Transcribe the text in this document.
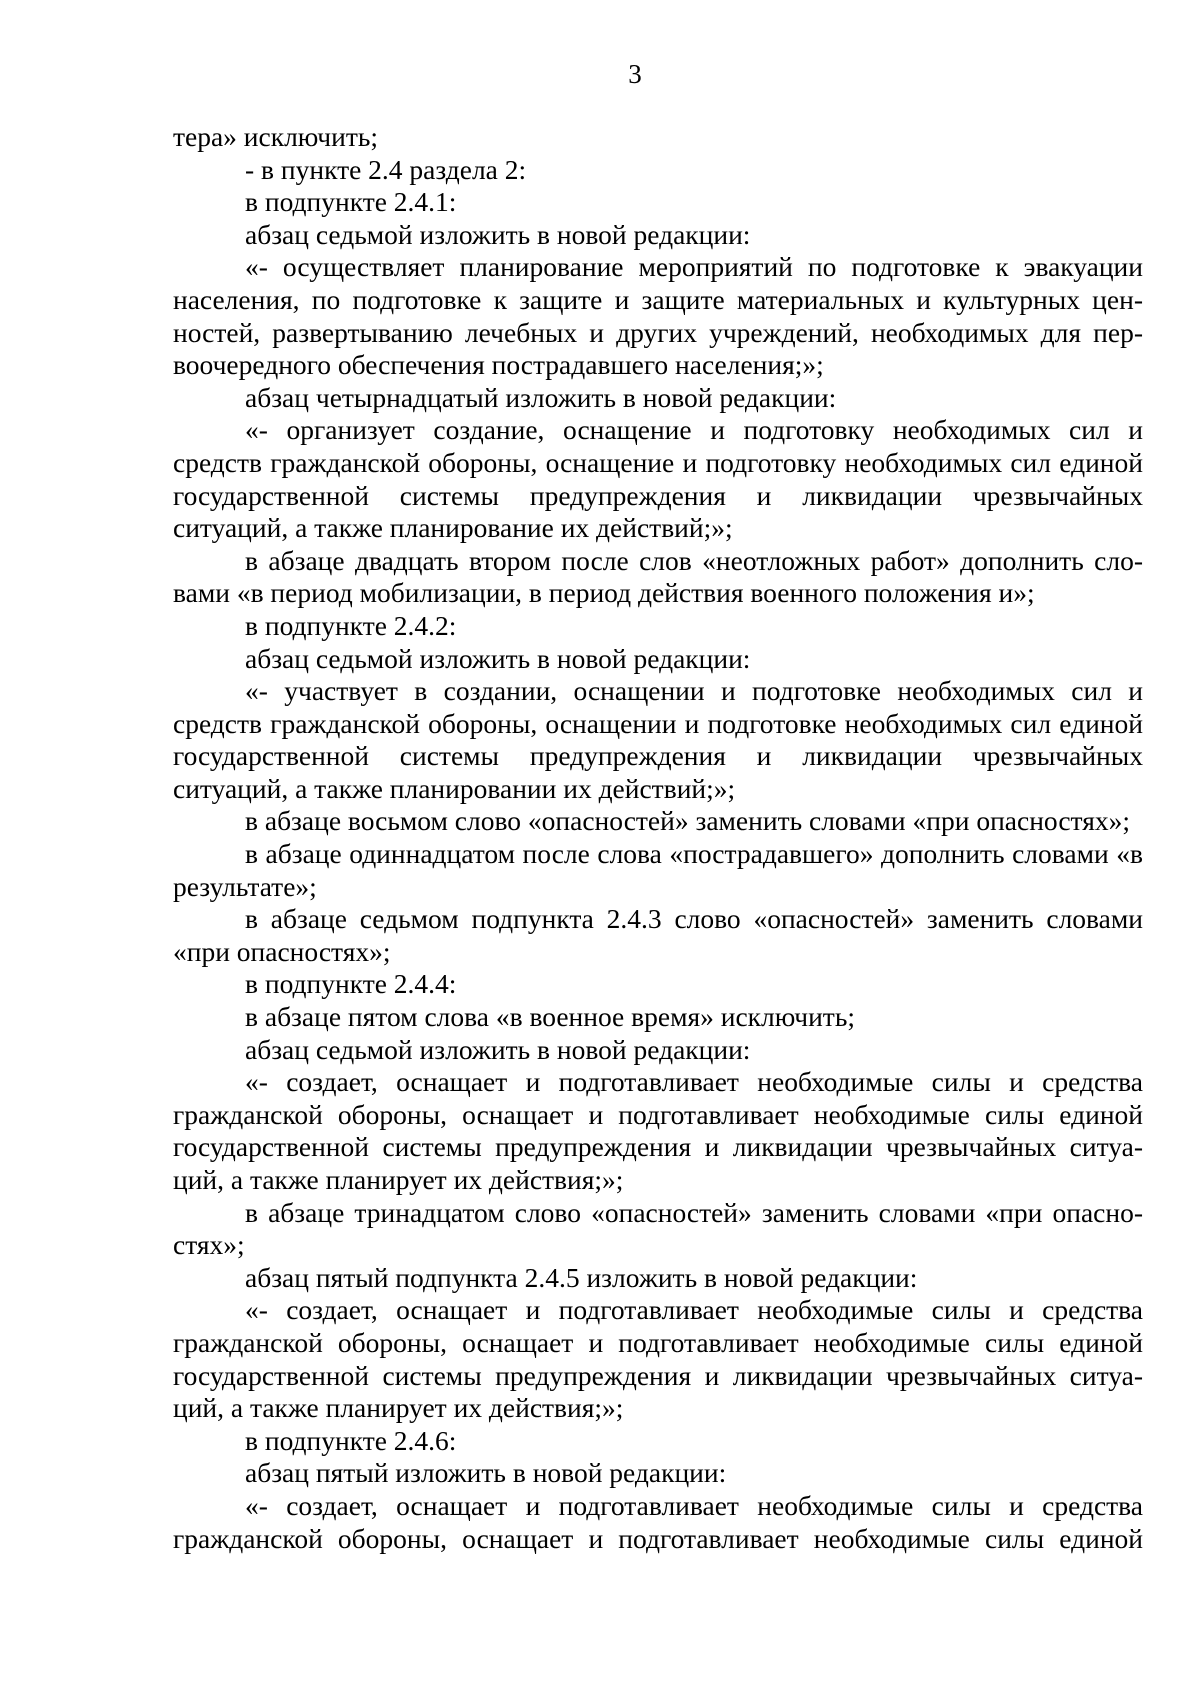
3

тера» исключить;

- в пункте 2.4 раздела 2:

в подпункте 2.4.1:

абзац седьмой изложить в новой редакции:

«- осуществляет планирование мероприятий по подготовке к эвакуации населения, по подготовке к защите и защите материальных и культурных ценностей, развертыванию лечебных и других учреждений, необходимых для первоочередного обеспечения пострадавшего населения;»;

абзац четырнадцатый изложить в новой редакции:

«- организует создание, оснащение и подготовку необходимых сил и средств гражданской обороны, оснащение и подготовку необходимых сил единой государственной системы предупреждения и ликвидации чрезвычайных ситуаций, а также планирование их действий;»;

в абзаце двадцать втором после слов «неотложных работ» дополнить словами «в период мобилизации, в период действия военного положения и»;

в подпункте 2.4.2:

абзац седьмой изложить в новой редакции:

«- участвует в создании, оснащении и подготовке необходимых сил и средств гражданской обороны, оснащении и подготовке необходимых сил единой государственной системы предупреждения и ликвидации чрезвычайных ситуаций, а также планировании их действий;»;

в абзаце восьмом слово «опасностей» заменить словами «при опасностях»;

в абзаце одиннадцатом после слова «пострадавшего» дополнить словами «в результате»;

в абзаце седьмом подпункта 2.4.3 слово «опасностей» заменить словами «при опасностях»;

в подпункте 2.4.4:

в абзаце пятом слова «в военное время» исключить;

абзац седьмой изложить в новой редакции:

«- создает, оснащает и подготавливает необходимые силы и средства гражданской обороны, оснащает и подготавливает необходимые силы единой государственной системы предупреждения и ликвидации чрезвычайных ситуаций, а также планирует их действия;»;

в абзаце тринадцатом слово «опасностей» заменить словами «при опасностях»;

абзац пятый подпункта 2.4.5 изложить в новой редакции:

«- создает, оснащает и подготавливает необходимые силы и средства гражданской обороны, оснащает и подготавливает необходимые силы единой государственной системы предупреждения и ликвидации чрезвычайных ситуаций, а также планирует их действия;»;

в подпункте 2.4.6:

абзац пятый изложить в новой редакции:

«- создает, оснащает и подготавливает необходимые силы и средства гражданской обороны, оснащает и подготавливает необходимые силы единой
